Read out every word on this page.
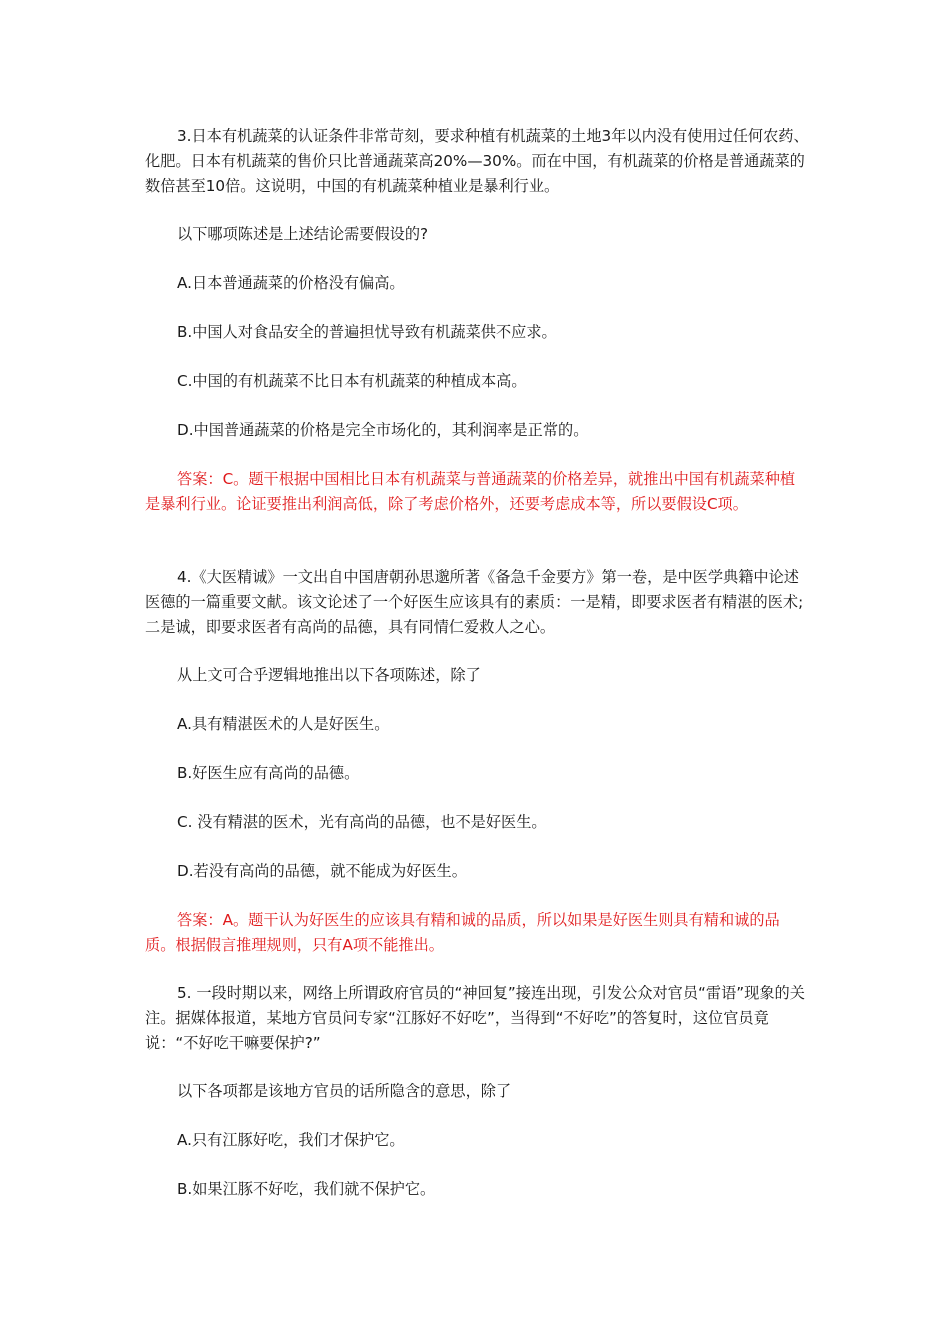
3.日本有机蔬菜的认证条件非常苛刻，要求种植有机蔬菜的土地3年以内没有使用过任何农药、化肥。日本有机蔬菜的售价只比普通蔬菜高20%—30%。而在中国，有机蔬菜的价格是普通蔬菜的数倍甚至10倍。这说明，中国的有机蔬菜种植业是暴利行业。

以下哪项陈述是上述结论需要假设的?

A.日本普通蔬菜的价格没有偏高。

B.中国人对食品安全的普遍担忧导致有机蔬菜供不应求。

C.中国的有机蔬菜不比日本有机蔬菜的种植成本高。

D.中国普通蔬菜的价格是完全市场化的，其利润率是正常的。

答案：C。题干根据中国相比日本有机蔬菜与普通蔬菜的价格差异，就推出中国有机蔬菜种植是暴利行业。论证要推出利润高低，除了考虑价格外，还要考虑成本等，所以要假设C项。

4.《大医精诚》一文出自中国唐朝孙思邈所著《备急千金要方》第一卷，是中医学典籍中论述医德的一篇重要文献。该文论述了一个好医生应该具有的素质：一是精，即要求医者有精湛的医术;二是诚，即要求医者有高尚的品德，具有同情仁爱救人之心。

从上文可合乎逻辑地推出以下各项陈述，除了

A.具有精湛医术的人是好医生。

B.好医生应有高尚的品德。

C. 没有精湛的医术，光有高尚的品德，也不是好医生。

D.若没有高尚的品德，就不能成为好医生。

答案：A。题干认为好医生的应该具有精和诚的品质，所以如果是好医生则具有精和诚的品质。根据假言推理规则，只有A项不能推出。

5. 一段时期以来，网络上所谓政府官员的“神回复”接连出现，引发公众对官员“雷语”现象的关注。据媒体报道，某地方官员问专家“江豚好不好吃”，当得到“不好吃”的答复时，这位官员竟说：“不好吃干嘛要保护?”

以下各项都是该地方官员的话所隐含的意思，除了

A.只有江豚好吃，我们才保护它。

B.如果江豚不好吃，我们就不保护它。
